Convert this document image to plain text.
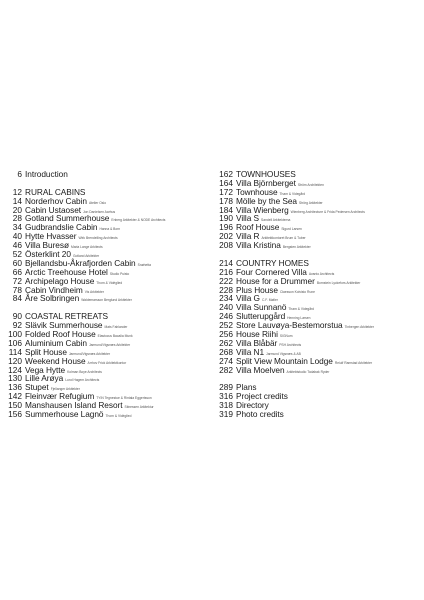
6 Introduction
12 RURAL CABINS
14 Norderhov Cabin Atelier Oslo
20 Cabin Ustaoset Jon Danielsen Aarhus
28 Gotland Summerhouse Enberg Arkitekter & NODE Architects
34 Gudbrandslie Cabin Hanna & Born
40 Hytte Hvasser Wirk Brendelling Architects
46 Villa Buresø Maria Lange Arkitects
52 Österklint 20 Gotland Arkitekter
60 Bjellandsbu-Åkrafjorden Cabin Snøhetta
66 Arctic Treehouse Hotel Studio Puisto
72 Archipelago House Thom & Vidéglied
78 Cabin Vindheim Vis Arkitekter
84 Åre Solbringen Waldemarsson Berglund Arkitekter
90 COASTAL RETREATS
92 Slävik Summerhouse Mats Fahlander
100 Folded Roof House Elastocus Bacalia Munk
106 Aluminium Cabin Jarmund/Vigsnæs Arkitekter
114 Split House Jarmund/Vigsnæs Arkitekter
120 Weekend House Arrhov Frick Arkitektkontor
124 Vega Hytte Kolman Boye Architects
130 Lille Arøya Lund Hagem Architects
136 Stupet Fjellanger Arkitekter
142 Fleinvær Refugium TYIN Tegnestue & Rintala Eggertsson
150 Manshausen Island Resort Stinessen Arkitektur
156 Summerhouse Lagnö Thom & Vidéglied
162 TOWNHOUSES
164 Villa Björnberget Ström Architekten
172 Townhouse Tham & Videgård
178 Mölle by the Sea Strörg Arkitekter
184 Villa Wienberg Wienberg Architecture & Frida Pedersen Architects
190 Villa S Sandell Arkitekterna
196 Roof House Sigurd Larsen
202 Villa R Arkitektkontoret Brum & Tuber
208 Villa Kristina Bergsten Arkitekter
214 COUNTRY HOMES
216 Four Cornered Villa Avanto Architects
222 House for a Drummer Bornstein Lyckefors Arkitekter
228 Plus House Claesson Koivisto Rune
234 Villa G C.F. Møller
240 Villa Sunnanö Tham & Videgård
246 Slutterupgård Henning Larsen
252 Store Lauvøya-Bestemorstua Tinbergen Arkitekter
256 House Riihi SIGNum
262 Villa Blåbär PSH Architects
268 Villa N1 Jarmund Vigsnæs & AB
274 Split View Mountain Lodge Reiulf Ramstad Arkitekter
282 Villa Moelven Arkitektstudio Todabak Ryder
289 Plans
316 Project credits
318 Directory
319 Photo credits
